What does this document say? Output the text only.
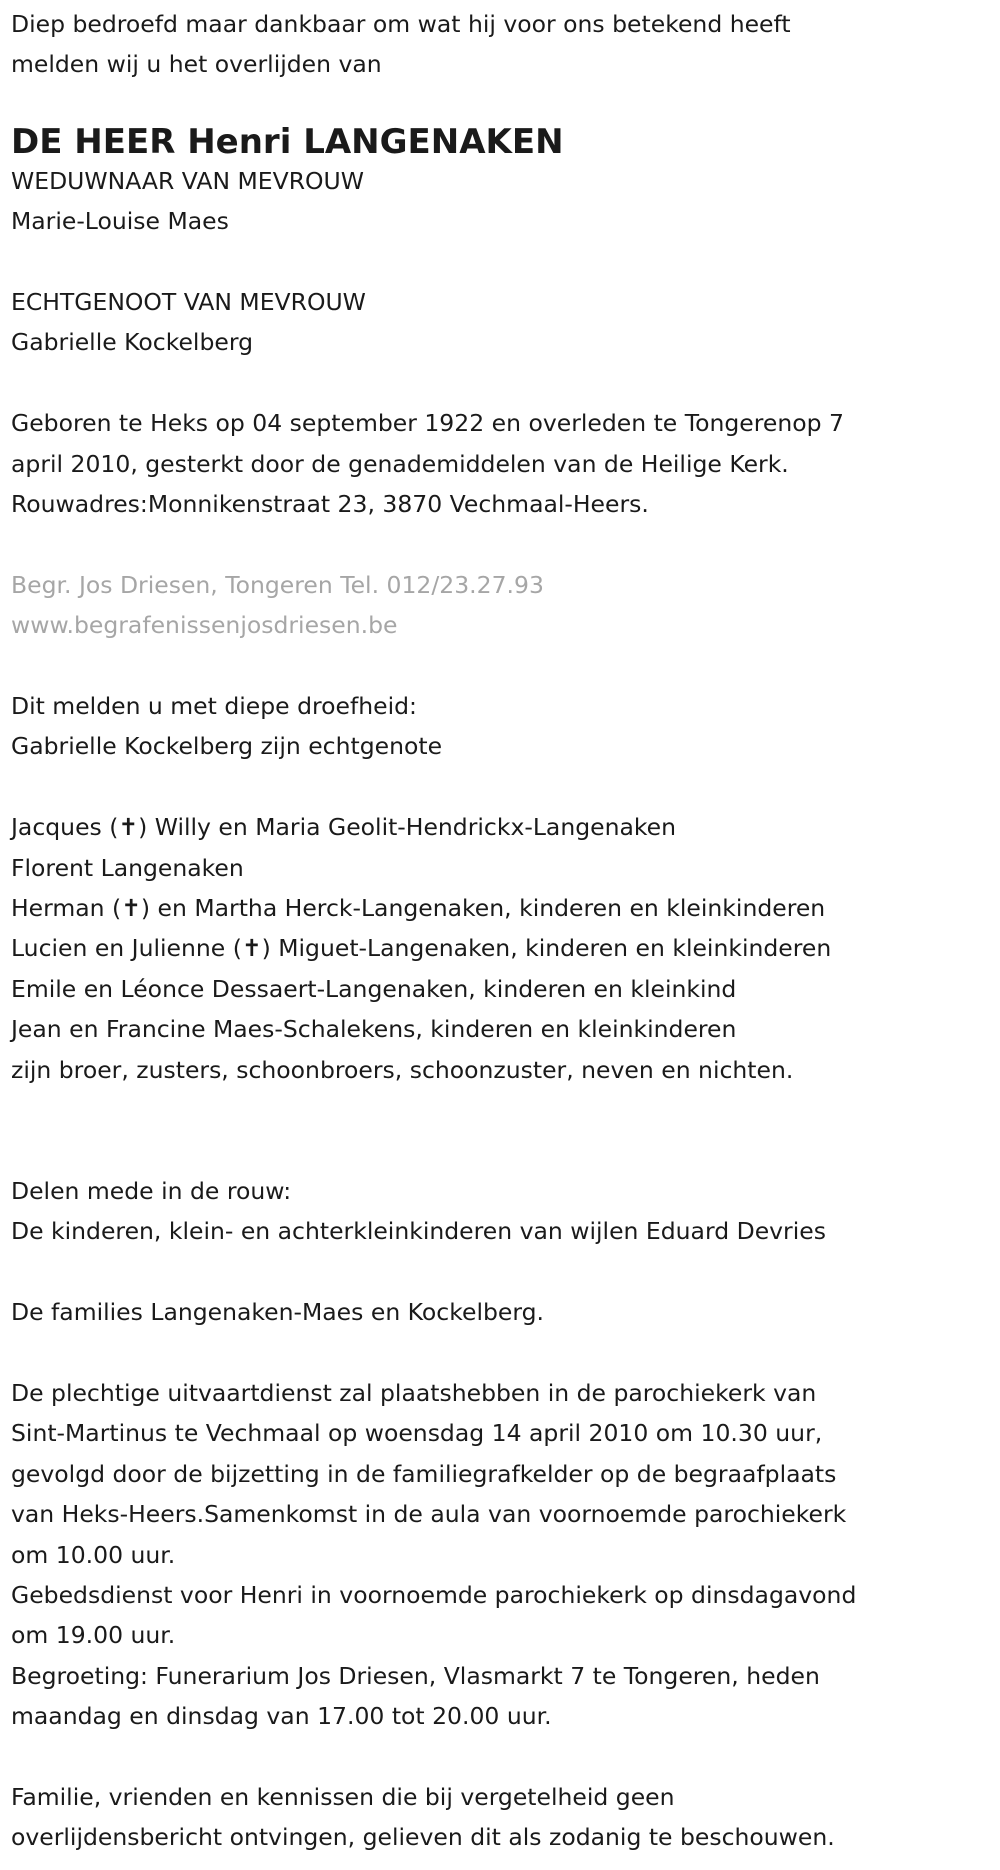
Diep bedroefd maar dankbaar om wat hij voor ons betekend heeft
melden wij u het overlijden van
DE HEER Henri LANGENAKEN
WEDUWNAAR VAN MEVROUW
Marie-Louise Maes
ECHTGENOOT VAN MEVROUW
Gabrielle Kockelberg
Geboren te Heks op 04 september 1922 en overleden te Tongerenop 7
april 2010, gesterkt door de genademiddelen van de Heilige Kerk.
Rouwadres:Monnikenstraat 23, 3870 Vechmaal-Heers.
Begr. Jos Driesen, Tongeren Tel. 012/23.27.93
www.begrafenissenjosdriesen.be
Dit melden u met diepe droefheid:
Gabrielle Kockelberg zijn echtgenote
Jacques (✝) Willy en Maria Geolit-Hendrickx-Langenaken
Florent Langenaken
Herman (✝) en Martha Herck-Langenaken, kinderen en kleinkinderen
Lucien en Julienne (✝) Miguet-Langenaken, kinderen en kleinkinderen
Emile en Léonce Dessaert-Langenaken, kinderen en kleinkind
Jean en Francine Maes-Schalekens, kinderen en kleinkinderen
zijn broer, zusters, schoonbroers, schoonzuster, neven en nichten.
Delen mede in de rouw:
De kinderen, klein- en achterkleinkinderen van wijlen Eduard Devries
De families Langenaken-Maes en Kockelberg.
De plechtige uitvaartdienst zal plaatshebben in de parochiekerk van
Sint-Martinus te Vechmaal op woensdag 14 april 2010 om 10.30 uur,
gevolgd door de bijzetting in de familiegrafkelder op de begraafplaats
van Heks-Heers.Samenkomst in de aula van voornoemde parochiekerk
om 10.00 uur.
Gebedsdienst voor Henri in voornoemde parochiekerk op dinsdagavond
om 19.00 uur.
Begroeting: Funerarium Jos Driesen, Vlasmarkt 7 te Tongeren, heden
maandag en dinsdag van 17.00 tot 20.00 uur.
Familie, vrienden en kennissen die bij vergetelheid geen
overlijdensbericht ontvingen, gelieven dit als zodanig te beschouwen.
